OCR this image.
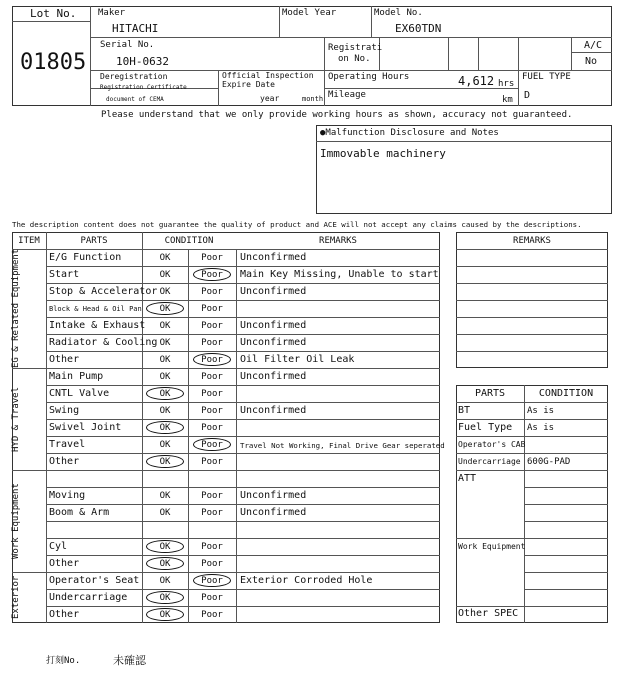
Lot No.
01805
Maker
HITACHI
Model Year	Model No.
EX60TDN
Serial No.
10H-0632
Registrati
on No.
A/C
No
Deregistration
Registration Certificate
document of CEMA
Official Inspection
Expire Date
year	month
Operating Hours	4,612 hrs
Mileage	km
FUEL TYPE
D
Please understand that we only provide working hours as shown, accuracy not guaranteed.
●Malfunction Disclosure and Notes
Immovable machinery
The description content does not guarantee the quality of product and ACE will not accept any claims caused by the descriptions.
ITEM	PARTS	CONDITION	REMARKS
E/G Function	OK	Poor	Unconfirmed
Start	OK	Poor	Main Key Missing, Unable to start
Stop & Accelerator OK	Poor	Unconfirmed
Block & Head & Oil Pan	OK	Poor
Intake & Exhaust	OK	Poor	Unconfirmed
Radiator & Cooling OK	Poor	Unconfirmed
Other	OK	Poor	Oil Filter Oil Leak
EG & Related Equipment
Main Pump	OK	Poor	Unconfirmed
CNTL Valve	OK	Poor
Swing	OK	Poor	Unconfirmed
Swivel Joint	OK	Poor
Travel	OK	Poor	Travel Not Working, Final Drive Gear seperated
Other	OK	Poor
HYD & Travel
Moving	OK	Poor	Unconfirmed
Boom & Arm	OK	Poor	Unconfirmed
Cyl	OK	Poor
Other	OK	Poor
Work Equipment
Operator's Seat	OK	Poor	Exterior Corroded Hole
Undercarriage	OK	Poor
Other	OK	Poor
Exterior
REMARKS
PARTS	CONDITION
BT	As is
Fuel Type As is
Operator's CAB
Undercarriage 600G-PAD
ATT
Work Equipment
Other SPEC
打刻No.	未確認
